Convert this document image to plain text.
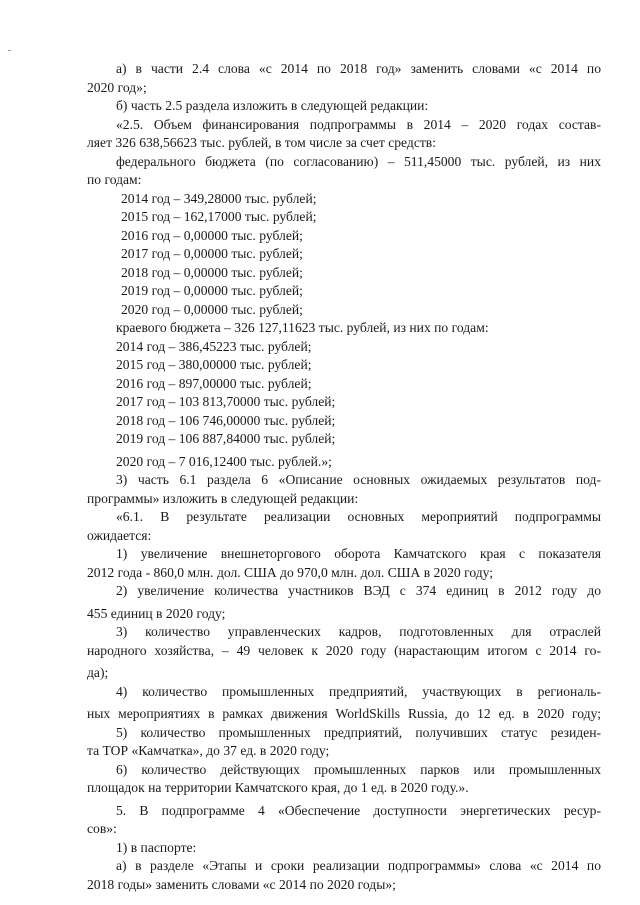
а) в части 2.4 слова «с 2014 по 2018 год» заменить словами «с 2014 по
2020 год»;
б) часть 2.5 раздела изложить в следующей редакции:
«2.5. Объем финансирования подпрограммы в 2014 – 2020 годах состав-
ляет 326 638,56623 тыс. рублей, в том числе за счет средств:
федерального бюджета (по согласованию) – 511,45000 тыс. рублей, из них
по годам:
2014 год – 349,28000 тыс. рублей;
2015 год – 162,17000 тыс. рублей;
2016 год – 0,00000 тыс. рублей;
2017 год – 0,00000 тыс. рублей;
2018 год – 0,00000 тыс. рублей;
2019 год – 0,00000 тыс. рублей;
2020 год – 0,00000 тыс. рублей;
краевого бюджета – 326 127,11623 тыс. рублей, из них по годам:
2014 год – 386,45223 тыс. рублей;
2015 год – 380,00000 тыс. рублей;
2016 год – 897,00000 тыс. рублей;
2017 год – 103 813,70000 тыс. рублей;
2018 год – 106 746,00000 тыс. рублей;
2019 год – 106 887,84000 тыс. рублей;
2020 год – 7 016,12400 тыс. рублей.»;
3) часть 6.1 раздела 6 «Описание основных ожидаемых результатов под-
программы» изложить в следующей редакции:
«6.1. В результате реализации основных мероприятий подпрограммы
ожидается:
1) увеличение внешнеторгового оборота Камчатского края с показателя
2012 года - 860,0 млн. дол. США до 970,0 млн. дол. США в 2020 году;
2) увеличение количества участников ВЭД с 374 единиц в 2012 году до
455 единиц в 2020 году;
3) количество управленческих кадров, подготовленных для отраслей
народного хозяйства, – 49 человек к 2020 году (нарастающим итогом с 2014 го-
да);
4) количество промышленных предприятий, участвующих в региональ-
ных мероприятиях в рамках движения WorldSkills Russia, до 12 ед. в 2020 году;
5) количество промышленных предприятий, получивших статус резиден-
та ТОР «Камчатка», до 37 ед. в 2020 году;
6) количество действующих промышленных парков или промышленных
площадок на территории Камчатского края, до 1 ед. в 2020 году.».
5. В подпрограмме 4 «Обеспечение доступности энергетических ресур-
сов»:
1) в паспорте:
а) в разделе «Этапы и сроки реализации подпрограммы» слова «с 2014 по
2018 годы» заменить словами «с 2014 по 2020 годы»;
